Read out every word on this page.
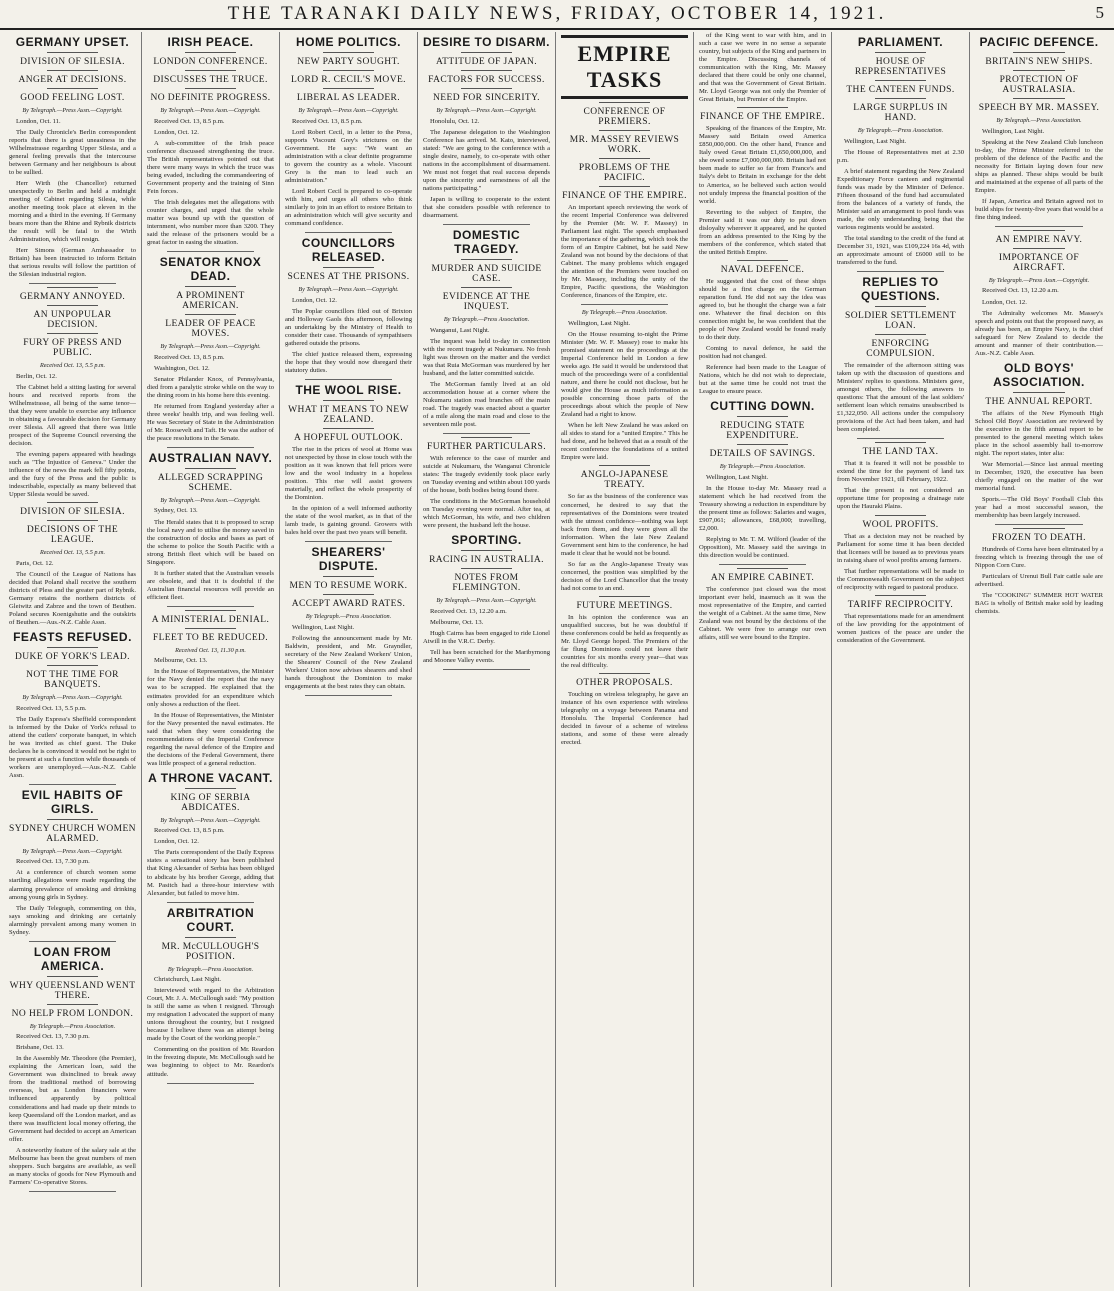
THE TARANAKI DAILY NEWS, FRIDAY, OCTOBER 14, 1921.	5
GERMANY UPSET.
DIVISION OF SILESIA.
ANGER AT DECISIONS.
GOOD FEELING LOST.

By Telegraph.—Press Assn.—Copyright.

London, Oct. 11.

The Daily Chronicle's Berlin correspondent reports that there is great uneasiness in the Wilhelmstrasse regarding Upper Silesia, and a general feeling prevails that the intercourse between Germany and her neighbours is about to be sullied.

Herr Wirth (the Chancellor) returned unexpectedly to Berlin and held a midnight meeting of Cabinet regarding Silesia, while another meeting took place at eleven in the morning and a third in the evening. If Germany bears more than the Rhine and Rybnik districts the result will be fatal to the Wirth Administration, which will resign.

Herr Simons (German Ambassador to Britain) has been instructed to inform Britain that serious results will follow the partition of the Silesian industrial region.

GERMANY ANNOYED.
AN UNPOPULAR DECISION.
FURY OF PRESS AND PUBLIC.

Received Oct. 13, 5.5 p.m.

Berlin, Oct. 12.

The Cabinet held a sitting lasting for several hours and received reports from the Wilhelmstrasse, all being of the same tenor—that they were unable to exercise any influence in obtaining a favourable decision for Germany over Silesia. All agreed that there was little prospect of the Supreme Council reversing the decision.

The evening papers appeared with headings such as "The Injustice of Geneva." Under the influence of the news the mark fell fifty points, and the fury of the Press and the public is indescribable, especially as many believed that Upper Silesia would be saved.

DIVISION OF SILESIA.
DECISIONS OF THE LEAGUE.

Received Oct. 13, 5.5 p.m.

Paris, Oct. 12.

The Council of the League of Nations has decided that Poland shall receive the southern districts of Pless and the greater part of Rybnik. Germany retains the northern districts of Gleiwitz and Zabrze and the town of Beuthen. Poland secures Koenigshutte and the outskirts of Beuthen.—Aus.-N.Z. Cable Assn.

FEASTS REFUSED.
DUKE OF YORK'S LEAD.
NOT THE TIME FOR BANQUETS.

By Telegraph.—Press Assn.—Copyright.

Received Oct. 13, 5.5 p.m.

The Daily Express's Sheffield correspondent is informed by the Duke of York's refusal to attend the cutlers' corporate banquet, in which he was invited as chief guest. The Duke declares he is convinced it would not be right to be present at such a function while thousands of workers are unemployed.—Aus.-N.Z. Cable Assn.

EVIL HABITS OF GIRLS.
SYDNEY CHURCH WOMEN ALARMED.

By Telegraph.—Press Assn.—Copyright.

Received Oct. 13, 7.30 p.m.

At a conference of church women some startling allegations were made regarding the alarming prevalence of smoking and drinking among young girls in Sydney.

The Daily Telegraph, commenting on this, says smoking and drinking are certainly alarmingly prevalent among many women in Sydney.

LOAN FROM AMERICA.
WHY QUEENSLAND WENT THERE.
NO HELP FROM LONDON.

By Telegraph.—Press Association.

Received Oct. 13, 7.30 p.m.

Brisbane, Oct. 13.

In the Assembly Mr. Theodore (the Premier), explaining the American loan, said the Government was disinclined to break away from the traditional method of borrowing overseas, but as London financiers were influenced apparently by political considerations and had made up their minds to keep Queensland off the London market, and as there was insufficient local money offering, the Government had decided to accept an American offer.

A noteworthy feature of the salary sale at the Melbourne has been the great numbers of men shoppers. Such bargains are available, as well as many stocks of goods for New Plymouth and Farmers' Co-operative Stores.

IRISH PEACE.
LONDON CONFERENCE.
DISCUSSES THE TRUCE.
NO DEFINITE PROGRESS.

By Telegraph.—Press Assn.—Copyright.

Received Oct. 13, 8.5 p.m.

London, Oct. 12.

A sub-committee of the Irish peace conference discussed strengthening the truce. The British representatives pointed out that there were many ways in which the truce was being evaded, including the commandeering of Government property and the training of Sinn Fein forces.

The Irish delegates met the allegations with counter charges, and urged that the whole matter was bound up with the question of internment, who number more than 3200. They said the release of the prisoners would be a great factor in easing the situation.

SENATOR KNOX DEAD.
A PROMINENT AMERICAN.
LEADER OF PEACE MOVES.

By Telegraph.—Press Assn.—Copyright.

Received Oct. 13, 8.5 p.m.

Washington, Oct. 12.

Senator Philander Knox, of Pennsylvania, died from a paralytic stroke while on the way to the dining room in his home here this evening.

He returned from England yesterday after a three weeks' health trip, and was feeling well. He was Secretary of State in the Administration of Mr. Roosevelt and Taft. He was the author of the peace resolutions in the Senate.

AUSTRALIAN NAVY.
ALLEGED SCRAPPING SCHEME.

By Telegraph.—Press Assn.—Copyright.

Sydney, Oct. 13.

The Herald states that it is proposed to scrap the local navy and to utilise the money saved in the construction of docks and bases as part of the scheme to police the South Pacific with a strong British fleet which will be based on Singapore.

It is further stated that the Australian vessels are obsolete, and that it is doubtful if the Australian financial resources will provide an efficient fleet.

A MINISTERIAL DENIAL.
FLEET TO BE REDUCED.

Received Oct. 13, 11.30 p.m.

Melbourne, Oct. 13.

In the House of Representatives, the Minister for the Navy denied the report that the navy was to be scrapped. He explained that the estimates provided for an expenditure which only shows a reduction of the fleet.

In the House of Representatives, the Minister for the Navy presented the naval estimates. He said that when they were considering the recommendations of the Imperial Conference regarding the naval defence of the Empire and the decisions of the Federal Government, there was little prospect of a general reduction.

A THRONE VACANT.
KING OF SERBIA ABDICATES.

By Telegraph.—Press Assn.—Copyright.

Received Oct. 13, 8.5 p.m.

London, Oct. 12.

The Paris correspondent of the Daily Express states a sensational story has been published that King Alexander of Serbia has been obliged to abdicate by his brother George, adding that M. Pasitch had a three-hour interview with Alexander, but failed to move him.

ARBITRATION COURT.
MR. McCULLOUGH'S POSITION.

By Telegraph.—Press Association.

Christchurch, Last Night.

Interviewed with regard to the Arbitration Court, Mr. J. A. McCullough said: "My position is still the same as when I resigned. Through my resignation I advocated the support of many unions throughout the country, but I resigned because I believe there was an attempt being made by the Court of the working people."

Commenting on the position of Mr. Reardon in the freezing dispute, Mr. McCullough said he was beginning to object to Mr. Reardon's attitude.

HOME POLITICS.
NEW PARTY SOUGHT.
LORD R. CECIL'S MOVE.
LIBERAL AS LEADER.

By Telegraph.—Press Assn.—Copyright.

Received Oct. 13, 8.5 p.m.

Lord Robert Cecil, in a letter to the Press, supports Viscount Grey's strictures on the Government. He says: "We want an administration with a clear definite programme to govern the country as a whole. Viscount Grey is the man to lead such an administration."

Lord Robert Cecil is prepared to co-operate with him, and urges all others who think similarly to join in an effort to restore Britain to an administration which will give security and command confidence.

COUNCILLORS RELEASED.
SCENES AT THE PRISONS.

By Telegraph.—Press Assn.—Copyright.

London, Oct. 12.

The Poplar councillors filed out of Brixton and Holloway Gaols this afternoon, following an undertaking by the Ministry of Health to consider their case. Thousands of sympathisers gathered outside the prisons.

The chief justice released them, expressing the hope that they would now disregard their statutory duties.

THE WOOL RISE.
WHAT IT MEANS TO NEW ZEALAND.
A HOPEFUL OUTLOOK.

The rise in the prices of wool at Home was not unexpected by those in close touch with the position as it was known that fell prices were low and the wool industry in a hopeless position. This rise will assist growers materially, and reflect the whole prosperity of the Dominion.

In the opinion of a well informed authority the state of the wool market, as in that of the lamb trade, is gaining ground. Growers with bales held over the past two years will benefit.

SHEARERS' DISPUTE.
MEN TO RESUME WORK.
ACCEPT AWARD RATES.

By Telegraph.—Press Association.

Wellington, Last Night.

Following the announcement made by Mr. Baldwin, president, and Mr. Grayndler, secretary of the New Zealand Workers' Union, the Shearers' Council of the New Zealand Workers' Union now advises shearers and shed hands throughout the Dominion to make engagements at the best rates they can obtain.

DESIRE TO DISARM.
ATTITUDE OF JAPAN.
FACTORS FOR SUCCESS.
NEED FOR SINCERITY.

By Telegraph.—Press Assn.—Copyright.

Honolulu, Oct. 12.

The Japanese delegation to the Washington Conference has arrived. M. Kato, interviewed, stated: "We are going to the conference with a single desire, namely, to co-operate with other nations in the accomplishment of disarmament. We must not forget that real success depends upon the sincerity and earnestness of all the nations participating."

Japan is willing to cooperate to the extent that she considers possible with reference to disarmament.

DOMESTIC TRAGEDY.
MURDER AND SUICIDE CASE.
EVIDENCE AT THE INQUEST.

By Telegraph.—Press Association.

Wanganui, Last Night.

The inquest was held to-day in connection with the recent tragedy at Nukumaru. No fresh light was thrown on the matter and the verdict was that Ruia McGorman was murdered by her husband, and the latter committed suicide.

The McGorman family lived at an old accommodation house at a corner where the Nukumaru station road branches off the main road. The tragedy was enacted about a quarter of a mile along the main road and close to the seventeen mile post.

FURTHER PARTICULARS.

With reference to the case of murder and suicide at Nukumaru, the Wanganui Chronicle states: The tragedy evidently took place early on Tuesday evening and within about 100 yards of the house, both bodies being found there.

The conditions in the McGorman household on Tuesday evening were normal. After tea, at which McGorman, his wife, and two children were present, the husband left the house.

SPORTING.
RACING IN AUSTRALIA.
NOTES FROM FLEMINGTON.

By Telegraph.—Press Assn.—Copyright.

Received Oct. 13, 12.20 a.m.

Melbourne, Oct. 13.

Hugh Cairns has been engaged to ride Lionel Atwill in the V.R.C. Derby.

Tell has been scratched for the Maribyrnong and Moonee Valley events.

EMPIRE TASKS
CONFERENCE OF PREMIERS.
MR. MASSEY REVIEWS WORK.
PROBLEMS OF THE PACIFIC.
FINANCE OF THE EMPIRE.

An important speech reviewing the work of the recent Imperial Conference was delivered by the Premier (Mr. W. F. Massey) in Parliament last night. The speech emphasised the importance of the gathering, which took the form of an Empire Cabinet, but he said New Zealand was not bound by the decisions of that Cabinet. The many problems which engaged the attention of the Premiers were touched on by Mr. Massey, including the unity of the Empire, Pacific questions, the Washington Conference, finances of the Empire, etc.

By Telegraph.—Press Association.

Wellington, Last Night.

On the House resuming to-night the Prime Minister (Mr. W. F. Massey) rose to make his promised statement on the proceedings at the Imperial Conference held in London a few weeks ago. He said it would be understood that much of the proceedings were of a confidential nature, and there he could not disclose, but he would give the House as much information as possible concerning those parts of the proceedings about which the people of New Zealand had a right to know.

When he left New Zealand he was asked on all sides to stand for a "united Empire." This he had done, and he believed that as a result of the recent conference the foundations of a united Empire were laid.

ANGLO-JAPANESE TREATY.

So far as the business of the conference was concerned, he desired to say that the representatives of the Dominions were treated with the utmost confidence—nothing was kept back from them, and they were given all the information. When the late New Zealand Government sent him to the conference, he had made it clear that he would not be bound.

So far as the Anglo-Japanese Treaty was concerned, the position was simplified by the decision of the Lord Chancellor that the treaty had not come to an end.

FUTURE MEETINGS.

In his opinion the conference was an unqualified success, but he was doubtful if these conferences could be held as frequently as Mr. Lloyd George hoped. The Premiers of the far flung Dominions could not leave their countries for six months every year—that was the real difficulty.

OTHER PROPOSALS.

Touching on wireless telegraphy, he gave an instance of his own experience with wireless telegraphy on a voyage between Panama and Honolulu. The Imperial Conference had decided in favour of a scheme of wireless stations, and some of these were already erected.

of the King went to war with him, and in such a case we were in no sense a separate country, but subjects of the King and partners in the Empire. Discussing channels of communication with the King, Mr. Massey declared that there could be only one channel, and that was the Government of Great Britain. Mr. Lloyd George was not only the Premier of Great Britain, but Premier of the Empire.

FINANCE OF THE EMPIRE.

Speaking of the finances of the Empire, Mr. Massey said Britain owed America £850,000,000. On the other hand, France and Italy owed Great Britain £1,650,000,000, and she owed some £7,000,000,000. Britain had not been made to suffer so far from France's and Italy's debt to Britain in exchange for the debt to America, so he believed such action would not unduly impress the financial position of the world.

Reverting to the subject of Empire, the Premier said it was our duty to put down disloyalty wherever it appeared, and he quoted from an address presented to the King by the members of the conference, which stated that the united British Empire.

NAVAL DEFENCE.

He suggested that the cost of these ships should be a first charge on the German reparation fund. He did not say the idea was agreed to, but he thought the charge was a fair one. Whatever the final decision on this connection might be, he was confident that the people of New Zealand would be found ready to do their duty.

Coming to naval defence, he said the position had not changed.

Reference had been made to the League of Nations, which he did not wish to depreciate, but at the same time he could not trust the League to ensure peace.

CUTTING DOWN.
REDUCING STATE EXPENDITURE.
DETAILS OF SAVINGS.

By Telegraph.—Press Association.

Wellington, Last Night.

In the House to-day Mr. Massey read a statement which he had received from the Treasury showing a reduction in expenditure by the present time as follows: Salaries and wages, £907,061; allowances, £68,000; travelling, £2,000.

Replying to Mr. T. M. Wilford (leader of the Opposition), Mr. Massey said the savings in this direction would be continued.

AN EMPIRE CABINET.

The conference just closed was the most important ever held, inasmuch as it was the most representative of the Empire, and carried the weight of a Cabinet. At the same time, New Zealand was not bound by the decisions of the Cabinet. We were free to arrange our own affairs, still we were bound to the Empire.

PARLIAMENT.
HOUSE OF REPRESENTATIVES
THE CANTEEN FUNDS.
LARGE SURPLUS IN HAND.

By Telegraph.—Press Association.

Wellington, Last Night.

The House of Representatives met at 2.30 p.m.

A brief statement regarding the New Zealand Expeditionary Force canteen and regimental funds was made by the Minister of Defence. Fifteen thousand of the fund had accumulated from the balances of a variety of funds, the Minister said an arrangement to pool funds was made, the only understanding being that the various regiments would be assisted.

The total standing to the credit of the fund at December 31, 1921, was £109,224 16s 4d, with an approximate amount of £6000 still to be transferred to the fund.

REPLIES TO QUESTIONS.
SOLDIER SETTLEMENT LOAN.
ENFORCING COMPULSION.

The remainder of the afternoon sitting was taken up with the discussion of questions and Ministers' replies to questions. Ministers gave, amongst others, the following answers to questions: That the amount of the last soldiers' settlement loan which remains unsubscribed is £1,322,050. All actions under the compulsory provisions of the Act had been taken, and had been completed.

THE LAND TAX.

That it is feared it will not be possible to extend the time for the payment of land tax from November 1921, till February, 1922.

That the present is not considered an opportune time for proposing a drainage rate upon the Hauraki Plains.

WOOL PROFITS.

That as a decision may not be reached by Parliament for some time it has been decided that licenses will be issued as to previous years in raising share of wool profits among farmers.

That further representations will be made to the Commonwealth Government on the subject of reciprocity with regard to pastoral produce.

TARIFF RECIPROCITY.

That representations made for an amendment of the law providing for the appointment of women justices of the peace are under the consideration of the Government.

PACIFIC DEFENCE.
BRITAIN'S NEW SHIPS.
PROTECTION OF AUSTRALASIA.
SPEECH BY MR. MASSEY.

By Telegraph.—Press Association.

Wellington, Last Night.

Speaking at the New Zealand Club luncheon to-day, the Prime Minister referred to the problem of the defence of the Pacific and the necessity for Britain laying down four new ships as planned. These ships would be built and maintained at the expense of all parts of the Empire.

If Japan, America and Britain agreed not to build ships for twenty-five years that would be a fine thing indeed.

AN EMPIRE NAVY.
IMPORTANCE OF AIRCRAFT.

By Telegraph.—Press Assn.—Copyright.

Received Oct. 13, 12.20 a.m.

London, Oct. 12.

The Admiralty welcomes Mr. Massey's speech and points out that the proposed navy, as already has been, an Empire Navy, is the chief safeguard for New Zealand to decide the amount and manner of their contribution.—Aus.-N.Z. Cable Assn.

OLD BOYS' ASSOCIATION.
THE ANNUAL REPORT.

The affairs of the New Plymouth High School Old Boys' Association are reviewed by the executive in the fifth annual report to be presented to the general meeting which takes place in the school assembly hall to-morrow night. The report states, inter alia:

War Memorial.—Since last annual meeting in December, 1920, the executive has been chiefly engaged on the matter of the war memorial fund.

Sports.—The Old Boys' Football Club this year had a most successful season, the membership has been largely increased.

FROZEN TO DEATH.

Hundreds of Corns have been eliminated by a freezing which is freezing through the use of Nippon Corn Cure.

Particulars of Urenui Bull Fair cattle sale are advertised.

The "COOKING" SUMMER HOT WATER BAG is wholly of British make sold by leading chemists.
